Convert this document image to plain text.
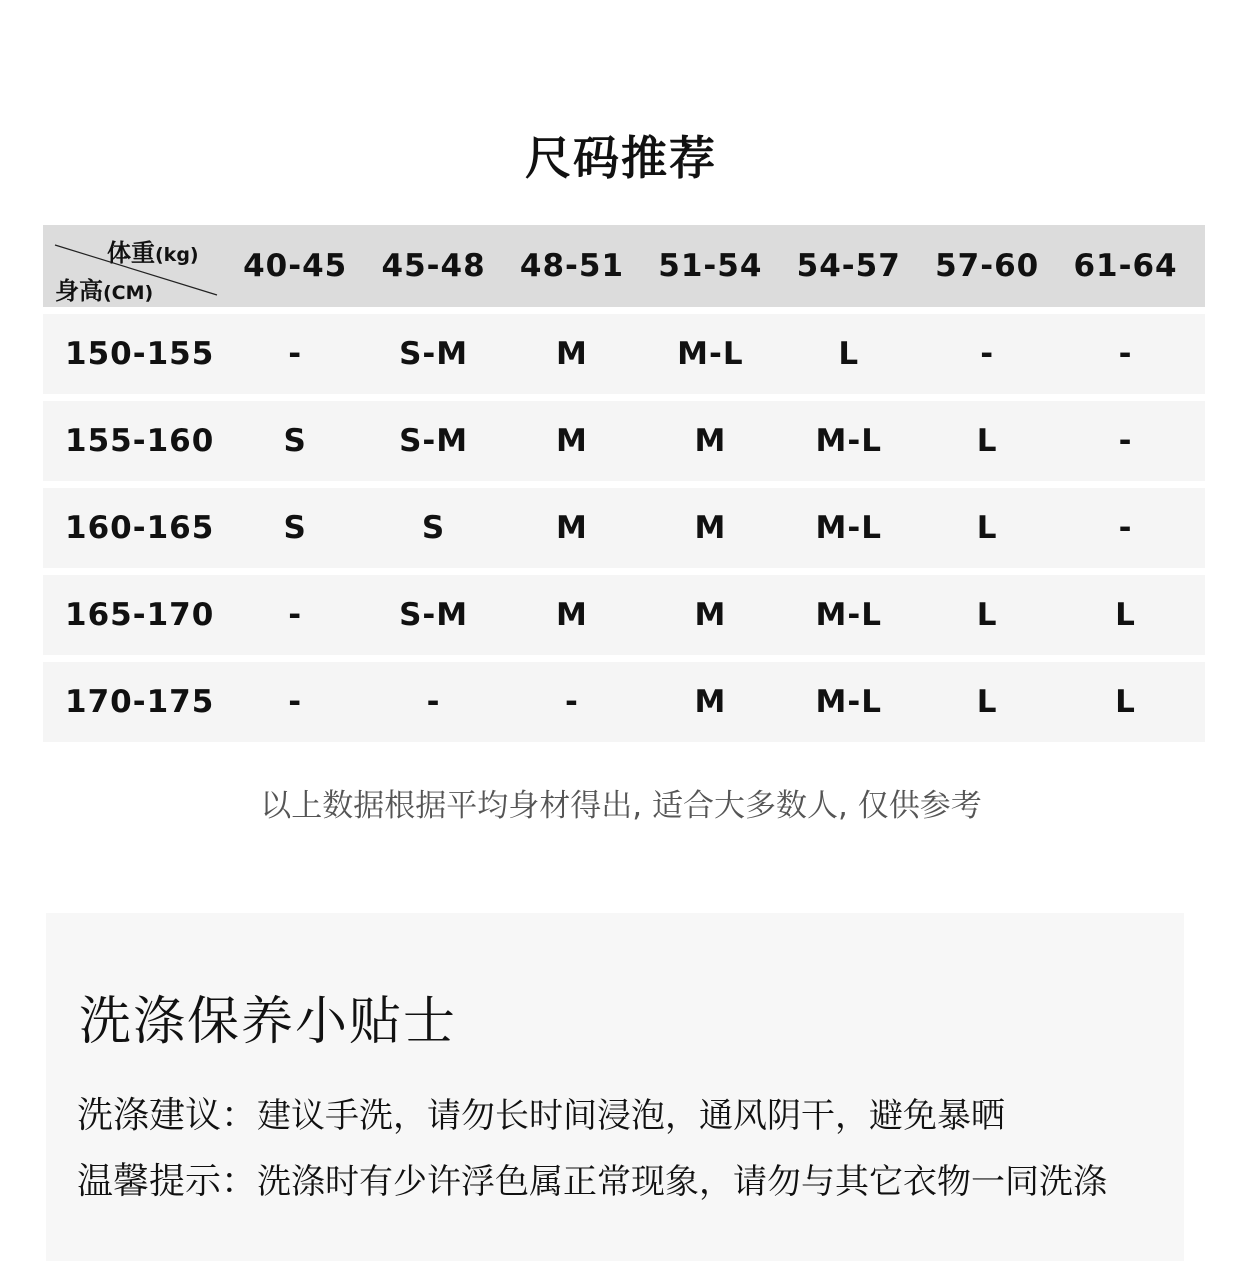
尺码推荐
体重(kg)
身高(CM)
40-45	45-48	48-51	51-54	54-57	57-60	61-64
150-155	-	S-M	M	M-L	L	-	-
155-160	S	S-M	M	M	M-L	L	-
160-165	S	S	M	M	M-L	L	-
165-170	-	S-M	M	M	M-L	L	L
170-175	-	-	-	M	M-L	L	L
以上数据根据平均身材得出, 适合大多数人, 仅供参考
洗涤保养小贴士
洗涤建议：建议手洗，请勿长时间浸泡，通风阴干，避免暴晒
温馨提示：洗涤时有少许浮色属正常现象，请勿与其它衣物一同洗涤
